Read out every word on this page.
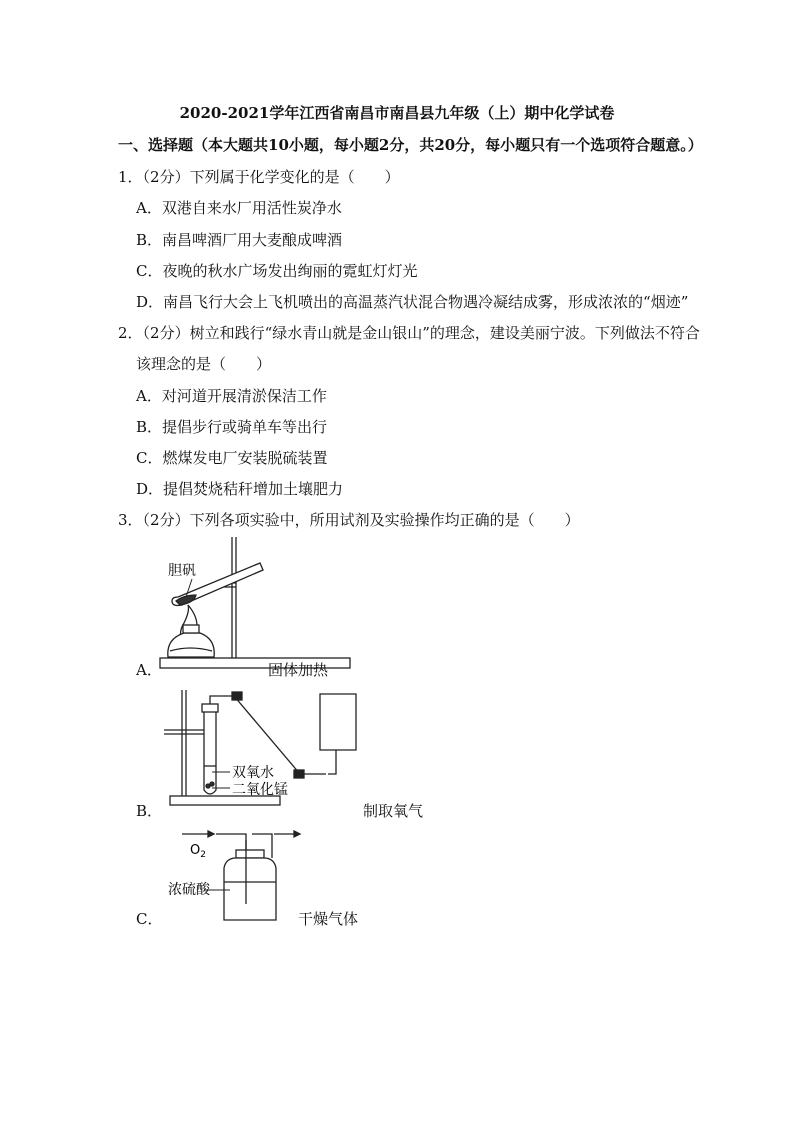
2020-2021学年江西省南昌市南昌县九年级（上）期中化学试卷
一、选择题（本大题共10小题，每小题2分，共20分，每小题只有一个选项符合题意。）
1．（2分）下列属于化学变化的是（　　）
A．双港自来水厂用活性炭净水
B．南昌啤酒厂用大麦酿成啤酒
C．夜晚的秋水广场发出绚丽的霓虹灯灯光
D．南昌飞行大会上飞机喷出的高温蒸汽状混合物遇冷凝结成雾，形成浓浓的“烟迹”
2．（2分）树立和践行“绿水青山就是金山银山”的理念，建设美丽宁波。下列做法不符合
该理念的是（　　）
A．对河道开展清淤保洁工作
B．提倡步行或骑单车等出行
C．燃煤发电厂安装脱硫装置
D．提倡焚烧秸秆增加土壤肥力
3．（2分）下列各项实验中，所用试剂及实验操作均正确的是（　　）
胆矾
A．	固体加热
双氧水
二氧化锰
B．	制取氧气
$O_2$
浓硫酸
C．	干燥气体
